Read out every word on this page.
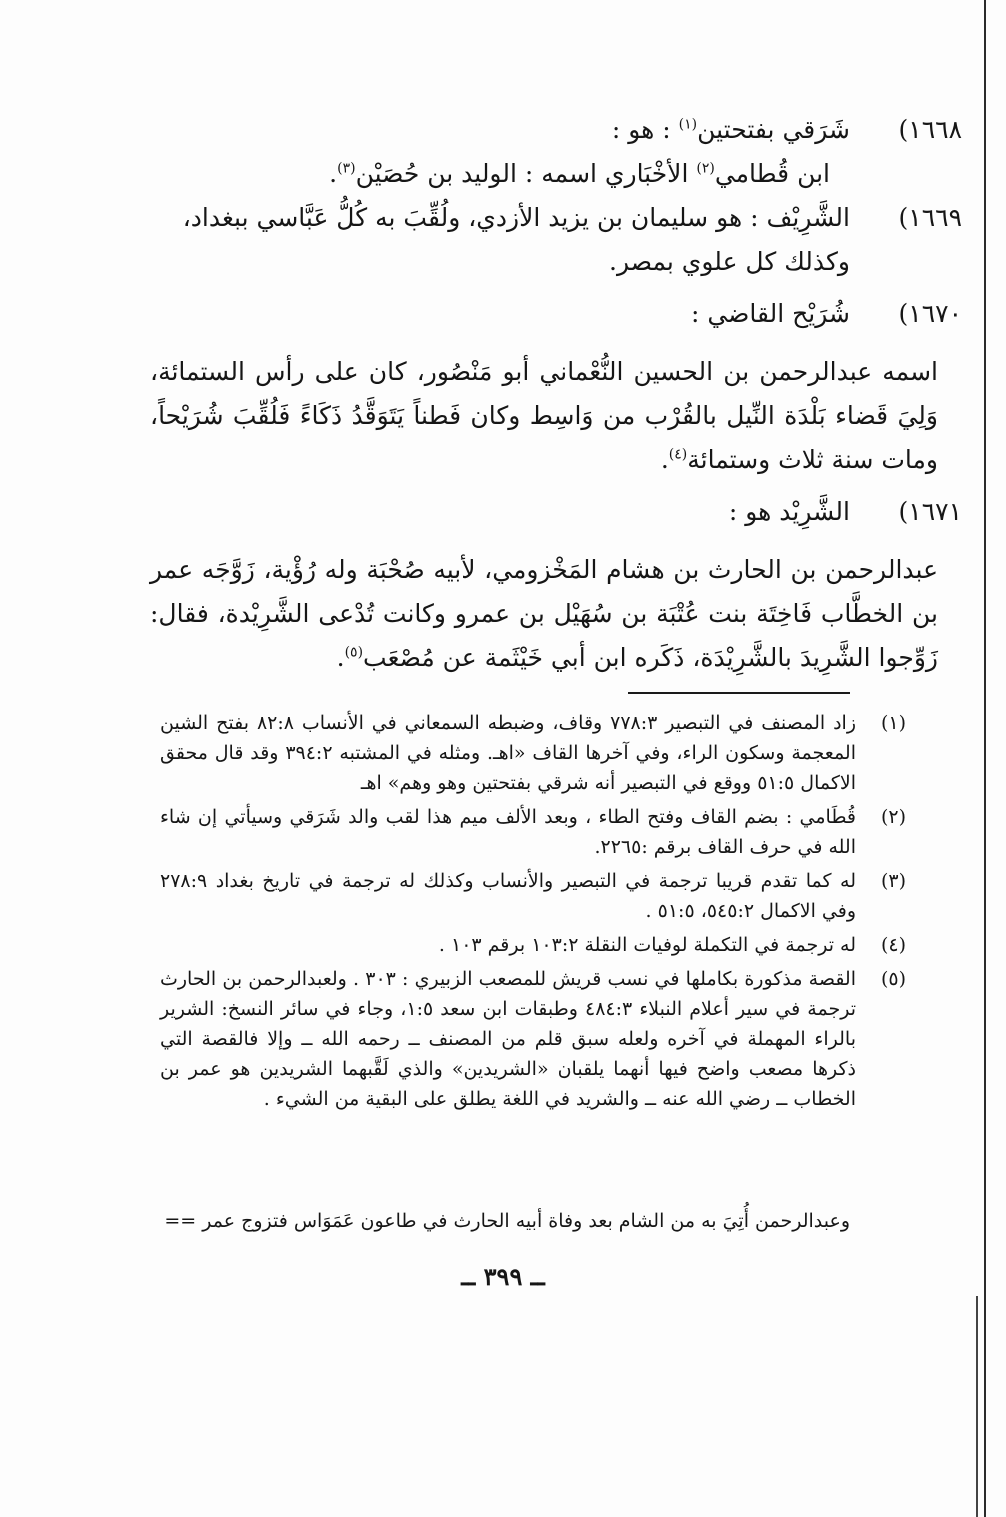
١٦٦٨)
شَرَقي بفتحتين$^{(١)}$ : هو :
ابن قُطامي$^{(٢)}$ الأخْبَاري اسمه : الوليد بن حُصَيْن$^{(٣)}$.
١٦٦٩)
الشَّرِيْف : هو سليمان بن يزيد الأزدي، ولُقِّبَ به كُلُّ عَبَّاسي ببغداد،
وكذلك كل علوي بمصر.
١٦٧٠)
شُرَيْح القاضي :

اسمه عبدالرحمن بن الحسين النُّعْماني أبو مَنْصُور، كان على رأس الستمائة، وَلِيَ قَضاء بَلْدَة النِّيل بالقُرْب من وَاسِط وكان فَطناً يَتَوَقَّدُ ذَكَاءً فَلُقِّبَ شُرَيْحاً، ومات سنة ثلاث وستمائة$^{(٤)}$.

١٦٧١)
الشَّرِيْد هو :

عبدالرحمن بن الحارث بن هشام المَخْزومي، لأبيه صُحْبَة وله رُؤْية، زَوَّجَه عمر بن الخطَّاب فَاخِتَة بنت عُتْبَة بن سُهَيْل بن عمرو وكانت تُدْعى الشَّرِيْدة، فقال: زَوِّجوا الشَّرِيدَ بالشَّرِيْدَة، ذَكَره ابن أبي خَيْثَمة عن مُصْعَب$^{(٥)}$.

(١)

زاد المصنف في التبصير ٧٧٨:٣ وقاف، وضبطه السمعاني في الأنساب ٨٢:٨ بفتح الشين المعجمة وسكون الراء، وفي آخرها القاف «اهـ. ومثله في المشتبه ٣٩٤:٢ وقد قال محقق الاكمال ٥١:٥ ووقع في التبصير أنه شرقي بفتحتين وهو وهم» اهـ

(٢)

قُطَامي : بضم القاف وفتح الطاء ، وبعد الألف ميم هذا لقب والد شَرَقي وسيأتي إن شاء الله في حرف القاف برقم :٢٢٦٥.

(٣)

له كما تقدم قريبا ترجمة في التبصير والأنساب وكذلك له ترجمة في تاريخ بغداد ٢٧٨:٩ وفي الاكمال ٥٤٥:٢، ٥١:٥ .

(٤)

له ترجمة في التكملة لوفيات النقلة ١٠٣:٢ برقم ١٠٣ .

(٥)

القصة مذكورة بكاملها في نسب قريش للمصعب الزبيري : ٣٠٣ . ولعبدالرحمن بن الحارث ترجمة في سير أعلام النبلاء ٤٨٤:٣ وطبقات ابن سعد ١:٥، وجاء في سائر النسخ: الشرير بالراء المهملة في آخره ولعله سبق قلم من المصنف ــ رحمه الله ــ وإلا فالقصة التي ذكرها مصعب واضح فيها أنهما يلقبان «الشريدين» والذي لَقَّبهما الشريدين هو عمر بن الخطاب ــ رضي الله عنه ــ والشريد في اللغة يطلق على البقية من الشيء .

وعبدالرحمن أُتِيَ به من الشام بعد وفاة أبيه الحارث في طاعون عَمَوَاس فتزوج عمر ==
ــ ٣٩٩ ــ
